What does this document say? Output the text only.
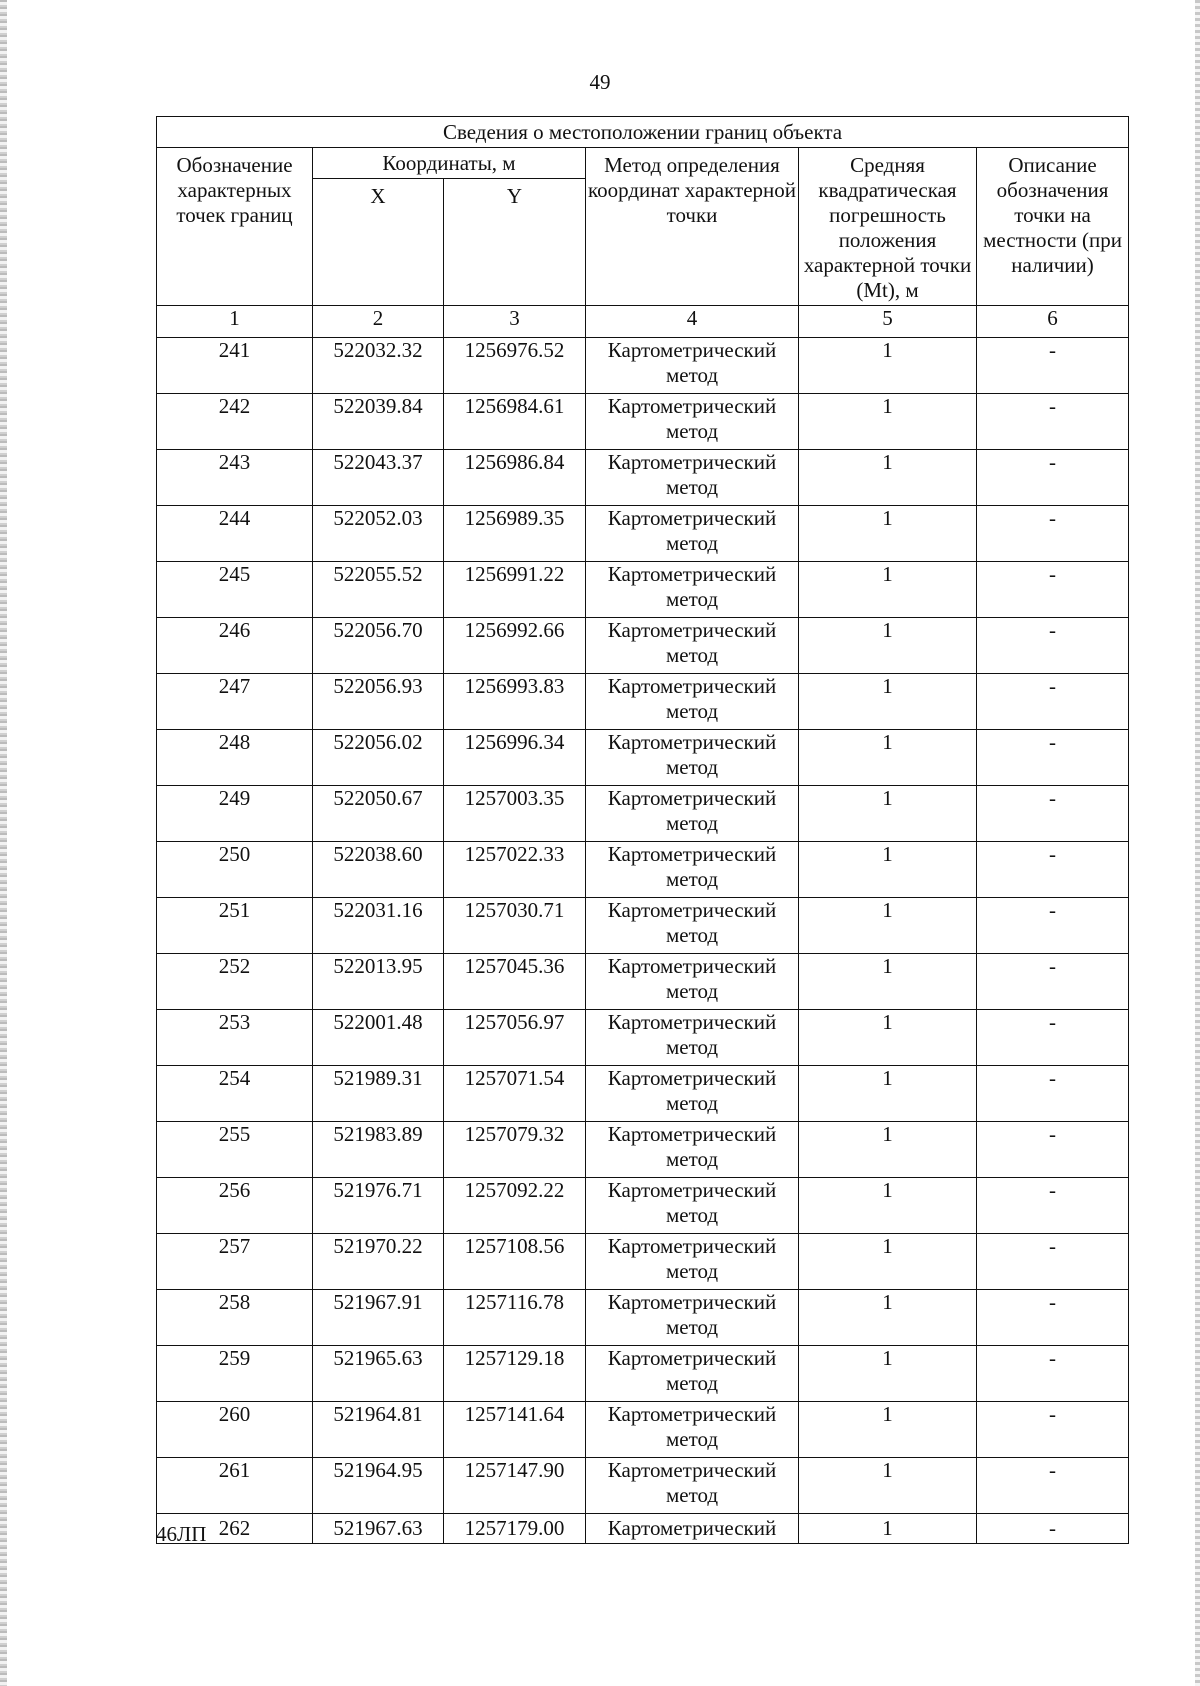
49
Сведения о местоположении границ объекта					

Обозначение характерных точек границ	Координаты, м		Метод определения координат характерной точки	Средняя квадратическая погрешность положения характерной точки (Mt), м	Описание обозначения точки на местности (при наличии)

	X	Y			

1	2	3	4	5	6
241	522032.32	1256976.52	Картометрический метод	1	-
242	522039.84	1256984.61	Картометрический метод	1	-
243	522043.37	1256986.84	Картометрический метод	1	-
244	522052.03	1256989.35	Картометрический метод	1	-
245	522055.52	1256991.22	Картометрический метод	1	-
246	522056.70	1256992.66	Картометрический метод	1	-
247	522056.93	1256993.83	Картометрический метод	1	-
248	522056.02	1256996.34	Картометрический метод	1	-
249	522050.67	1257003.35	Картометрический метод	1	-
250	522038.60	1257022.33	Картометрический метод	1	-
251	522031.16	1257030.71	Картометрический метод	1	-
252	522013.95	1257045.36	Картометрический метод	1	-
253	522001.48	1257056.97	Картометрический метод	1	-
254	521989.31	1257071.54	Картометрический метод	1	-
255	521983.89	1257079.32	Картометрический метод	1	-
256	521976.71	1257092.22	Картометрический метод	1	-
257	521970.22	1257108.56	Картометрический метод	1	-
258	521967.91	1257116.78	Картометрический метод	1	-
259	521965.63	1257129.18	Картометрический метод	1	-
260	521964.81	1257141.64	Картометрический метод	1	-
261	521964.95	1257147.90	Картометрический метод	1	-
262	521967.63	1257179.00	Картометрический	1	-
46ЛП
